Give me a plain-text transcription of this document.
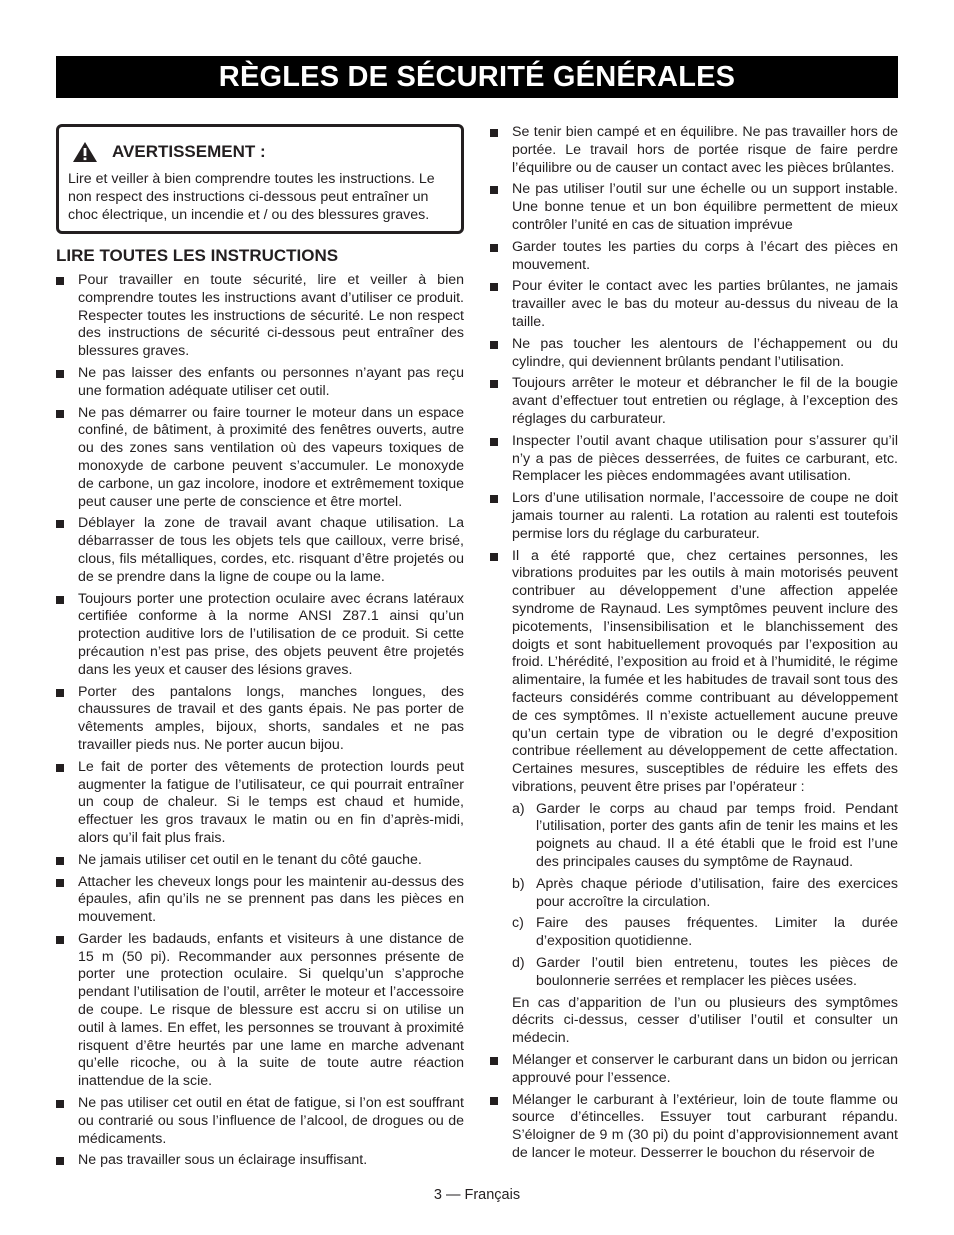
RÈGLES DE SÉCURITÉ GÉNÉRALES
AVERTISSEMENT :
Lire et veiller à bien comprendre toutes les instructions. Le non respect des instructions ci-dessous peut entraîner un choc électrique, un incendie et / ou des blessures graves.
LIRE TOUTES LES INSTRUCTIONS
Pour travailler en toute sécurité, lire et veiller à bien comprendre toutes les instructions avant d’utiliser ce produit. Respecter toutes les instructions de sécurité. Le non respect des instructions de sécurité ci-dessous peut entraîner des blessures graves.
Ne pas laisser des enfants ou personnes n’ayant pas reçu une formation adéquate utiliser cet outil.
Ne pas démarrer ou faire tourner le moteur dans un espace confiné, de bâtiment, à proximité des fenêtres ouverts, autre ou des zones sans ventilation où des vapeurs toxiques de monoxyde de carbone peuvent s’accumuler. Le monoxyde de carbone, un gaz incolore, inodore et extrêmement toxique peut causer une perte de conscience et être mortel.
Déblayer la zone de travail avant chaque utilisation. La débarrasser de tous les objets tels que cailloux, verre brisé, clous, fils métalliques, cordes, etc. risquant d’être projetés ou de se prendre dans la ligne de coupe ou la lame.
Toujours porter une protection oculaire avec écrans latéraux certifiée conforme à la norme ANSI Z87.1 ainsi qu’un protection auditive lors de l’utilisation de ce produit. Si cette précaution n’est pas prise, des objets peuvent être projetés dans les yeux et causer des lésions graves.
Porter des pantalons longs, manches longues, des chaussures de travail et des gants épais. Ne pas porter de vêtements amples, bijoux, shorts, sandales et ne pas travailler pieds nus. Ne porter aucun bijou.
Le fait de porter des vêtements de protection lourds peut augmenter la fatigue de l’utilisateur, ce qui pourrait entraîner un coup de chaleur. Si le temps est chaud et humide, effectuer les gros travaux le matin ou en fin d’après-midi, alors qu’il fait plus frais.
Ne jamais utiliser cet outil en le tenant du côté gauche.
Attacher les cheveux longs pour les maintenir au-dessus des épaules, afin qu’ils ne se prennent pas dans les pièces en mouvement.
Garder les badauds, enfants et visiteurs à une distance de 15 m (50 pi). Recommander aux personnes présente de porter une protection oculaire. Si quelqu’un s’approche pendant l’utilisation de l’outil, arrêter le moteur et l’accessoire de coupe. Le risque de blessure est accru si on utilise un outil à lames. En effet, les personnes se trouvant à proximité risquent d’être heurtés par une lame en marche advenant qu’elle ricoche, ou à la suite de toute autre réaction inattendue de la scie.
Ne pas utiliser cet outil en état de fatigue, si l’on est souffrant ou contrarié ou sous l’influence de l’alcool, de drogues ou de médicaments.
Ne pas travailler sous un éclairage insuffisant.
Se tenir bien campé et en équilibre. Ne pas travailler hors de portée. Le travail hors de portée risque de faire perdre l’équilibre ou de causer un contact avec les pièces brûlantes.
Ne pas utiliser l’outil sur une échelle ou un support instable. Une bonne tenue et un bon équilibre permettent de mieux contrôler l’unité en cas de situation imprévue
Garder toutes les parties du corps à l’écart des pièces en mouvement.
Pour éviter le contact avec les parties brûlantes, ne jamais travailler avec le bas du moteur au-dessus du niveau de la taille.
Ne pas toucher les alentours de l’échappement ou du cylindre, qui deviennent brûlants pendant l’utilisation.
Toujours arrêter le moteur et débrancher le fil de la bougie avant d’effectuer tout entretien ou réglage, à l’exception des réglages du carburateur.
Inspecter l’outil avant chaque utilisation pour s’assurer qu’il n’y a pas de pièces desserrées, de fuites ce carburant, etc. Remplacer les pièces endommagées avant utilisation.
Lors d’une utilisation normale, l’accessoire de coupe ne doit jamais tourner au ralenti. La rotation au ralenti est toutefois permise lors du réglage du carburateur.
Il a été rapporté que, chez certaines personnes, les vibrations produites par les outils à main motorisés peuvent contribuer au développement d’une affection appelée syndrome de Raynaud. Les symptômes peuvent inclure des picotements, l’insensibilisation et le blanchissement des doigts et sont habituellement provoqués par l’exposition au froid. L’hérédité, l’exposition au froid et à l’humidité, le régime alimentaire, la fumée et les habitudes de travail sont tous des facteurs considérés comme contribuant au développement de ces symptômes. Il n’existe actuellement aucune preuve qu’un certain type de vibration ou le degré d’exposition contribue réellement au développement de cette affectation. Certaines mesures, susceptibles de réduire les effets des vibrations, peuvent être prises par l’opérateur :
a) Garder le corps au chaud par temps froid. Pendant l’utilisation, porter des gants afin de tenir les mains et les poignets au chaud. Il a été établi que le froid est l’une des principales causes du symptôme de Raynaud.
b) Après chaque période d’utilisation, faire des exercices pour accroître la circulation.
c) Faire des pauses fréquentes. Limiter la durée d’exposition quotidienne.
d) Garder l’outil bien entretenu, toutes les pièces de boulonnerie serrées et remplacer les pièces usées.
En cas d’apparition de l’un ou plusieurs des symptômes décrits ci-dessus, cesser d’utiliser l’outil et consulter un médecin.
Mélanger et conserver le carburant dans un bidon ou jerrican approuvé pour l’essence.
Mélanger le carburant à l’extérieur, loin de toute flamme ou source d’étincelles. Essuyer tout carburant répandu. S’éloigner de 9 m (30 pi) du point d’approvisionnement avant de lancer le moteur. Desserrer le bouchon du réservoir de
3 — Français
